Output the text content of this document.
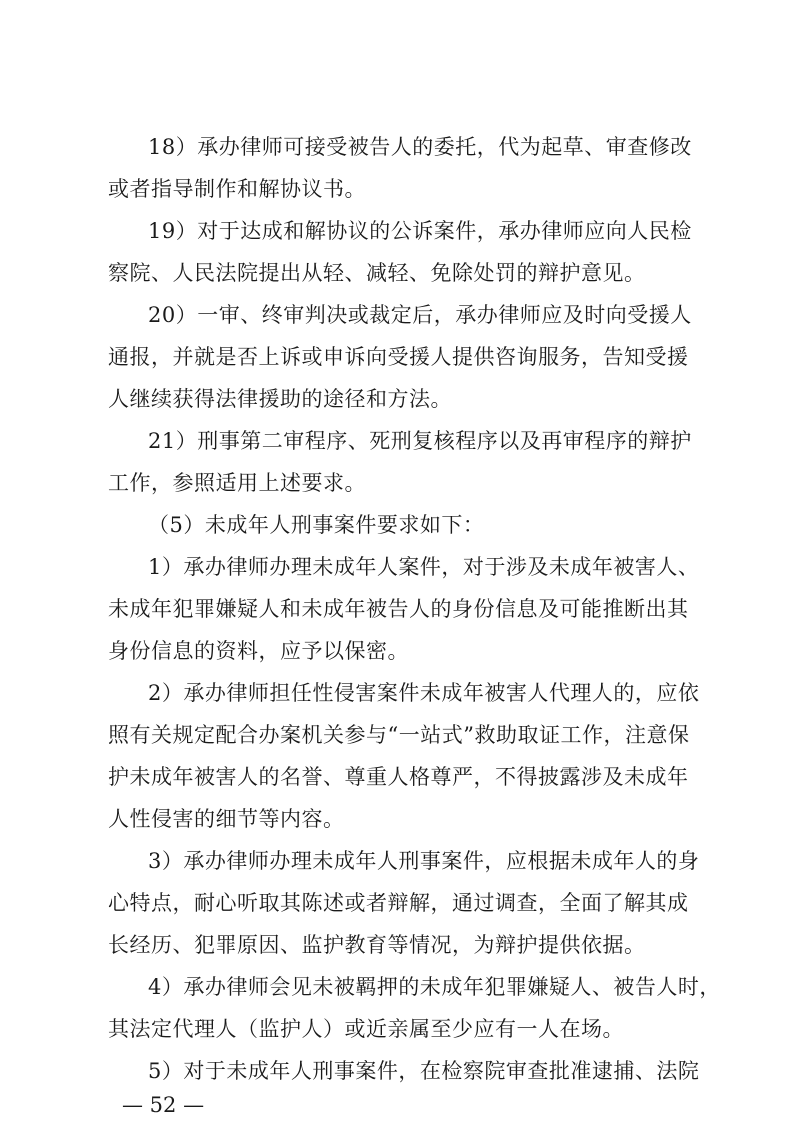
18）承办律师可接受被告人的委托，代为起草、审查修改
或者指导制作和解协议书。
19）对于达成和解协议的公诉案件，承办律师应向人民检
察院、人民法院提出从轻、减轻、免除处罚的辩护意见。
20）一审、终审判决或裁定后，承办律师应及时向受援人
通报，并就是否上诉或申诉向受援人提供咨询服务，告知受援
人继续获得法律援助的途径和方法。
21）刑事第二审程序、死刑复核程序以及再审程序的辩护
工作，参照适用上述要求。
（5）未成年人刑事案件要求如下：
1）承办律师办理未成年人案件，对于涉及未成年被害人、
未成年犯罪嫌疑人和未成年被告人的身份信息及可能推断出其
身份信息的资料，应予以保密。
2）承办律师担任性侵害案件未成年被害人代理人的，应依
照有关规定配合办案机关参与“一站式”救助取证工作，注意保
护未成年被害人的名誉、尊重人格尊严，不得披露涉及未成年
人性侵害的细节等内容。
3）承办律师办理未成年人刑事案件，应根据未成年人的身
心特点，耐心听取其陈述或者辩解，通过调查，全面了解其成
长经历、犯罪原因、监护教育等情况，为辩护提供依据。
4）承办律师会见未被羁押的未成年犯罪嫌疑人、被告人时，
其法定代理人（监护人）或近亲属至少应有一人在场。
5）对于未成年人刑事案件，在检察院审查批准逮捕、法院
— 52 —
